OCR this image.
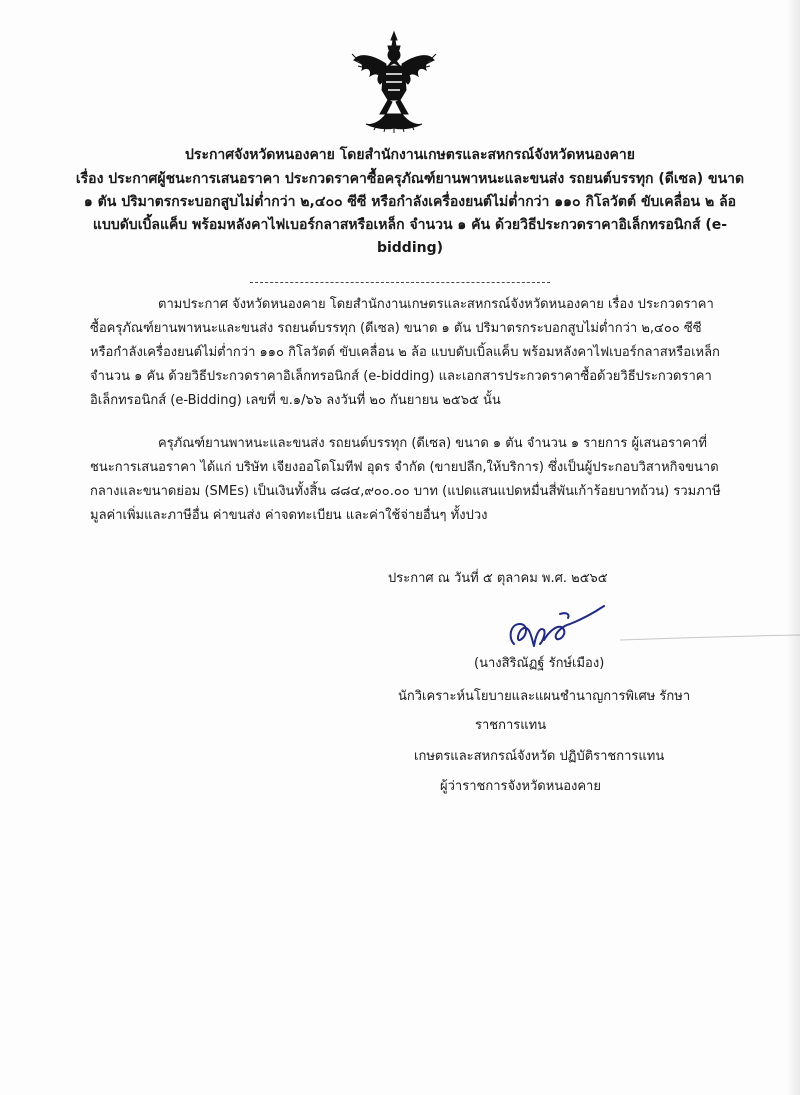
ประกาศจังหวัดหนองคาย โดยสำนักงานเกษตรและสหกรณ์จังหวัดหนองคาย

เรื่อง ประกาศผู้ชนะการเสนอราคา ประกวดราคาซื้อครุภัณฑ์ยานพาหนะและขนส่ง รถยนต์บรรทุก (ดีเซล) ขนาด
๑ ตัน ปริมาตรกระบอกสูบไม่ต่ำกว่า ๒,๔๐๐ ซีซี หรือกำลังเครื่องยนต์ไม่ต่ำกว่า ๑๑๐ กิโลวัตต์ ขับเคลื่อน ๒ ล้อ
แบบดับเบิ้ลแค็บ พร้อมหลังคาไฟเบอร์กลาสหรือเหล็ก จำนวน ๑ คัน ด้วยวิธีประกวดราคาอิเล็กทรอนิกส์ (e-
bidding)

ตามประกาศ จังหวัดหนองคาย โดยสำนักงานเกษตรและสหกรณ์จังหวัดหนองคาย เรื่อง ประกวดราคา

ซื้อครุภัณฑ์ยานพาหนะและขนส่ง รถยนต์บรรทุก (ดีเซล) ขนาด ๑ ตัน ปริมาตรกระบอกสูบไม่ต่ำกว่า ๒,๔๐๐ ซีซี

หรือกำลังเครื่องยนต์ไม่ต่ำกว่า ๑๑๐ กิโลวัตต์ ขับเคลื่อน ๒ ล้อ แบบดับเบิ้ลแค็บ พร้อมหลังคาไฟเบอร์กลาสหรือเหล็ก

จำนวน ๑ คัน ด้วยวิธีประกวดราคาอิเล็กทรอนิกส์ (e-bidding) และเอกสารประกวดราคาซื้อด้วยวิธีประกวดราคา

อิเล็กทรอนิกส์ (e-Bidding) เลขที่ ข.๑/๖๖ ลงวันที่ ๒๐ กันยายน ๒๕๖๕ นั้น

ครุภัณฑ์ยานพาหนะและขนส่ง รถยนต์บรรทุก (ดีเซล) ขนาด ๑ ตัน จำนวน ๑ รายการ ผู้เสนอราคาที่

ชนะการเสนอราคา ได้แก่ บริษัท เจียงออโตโมทีฟ อุดร จำกัด (ขายปลีก,ให้บริการ) ซึ่งเป็นผู้ประกอบวิสาหกิจขนาด

กลางและขนาดย่อม (SMEs) เป็นเงินทั้งสิ้น ๘๘๔,๙๐๐.๐๐ บาท (แปดแสนแปดหมื่นสี่พันเก้าร้อยบาทถ้วน) รวมภาษี

มูลค่าเพิ่มและภาษีอื่น ค่าขนส่ง ค่าจดทะเบียน และค่าใช้จ่ายอื่นๆ ทั้งปวง

ประกาศ ณ วันที่ ๕ ตุลาคม พ.ศ. ๒๕๖๕

(นางสิริณัฏฐ์ รักษ์เมือง)

นักวิเคราะห์นโยบายและแผนชำนาญการพิเศษ รักษา

ราชการแทน

เกษตรและสหกรณ์จังหวัด ปฏิบัติราชการแทน

ผู้ว่าราชการจังหวัดหนองคาย
